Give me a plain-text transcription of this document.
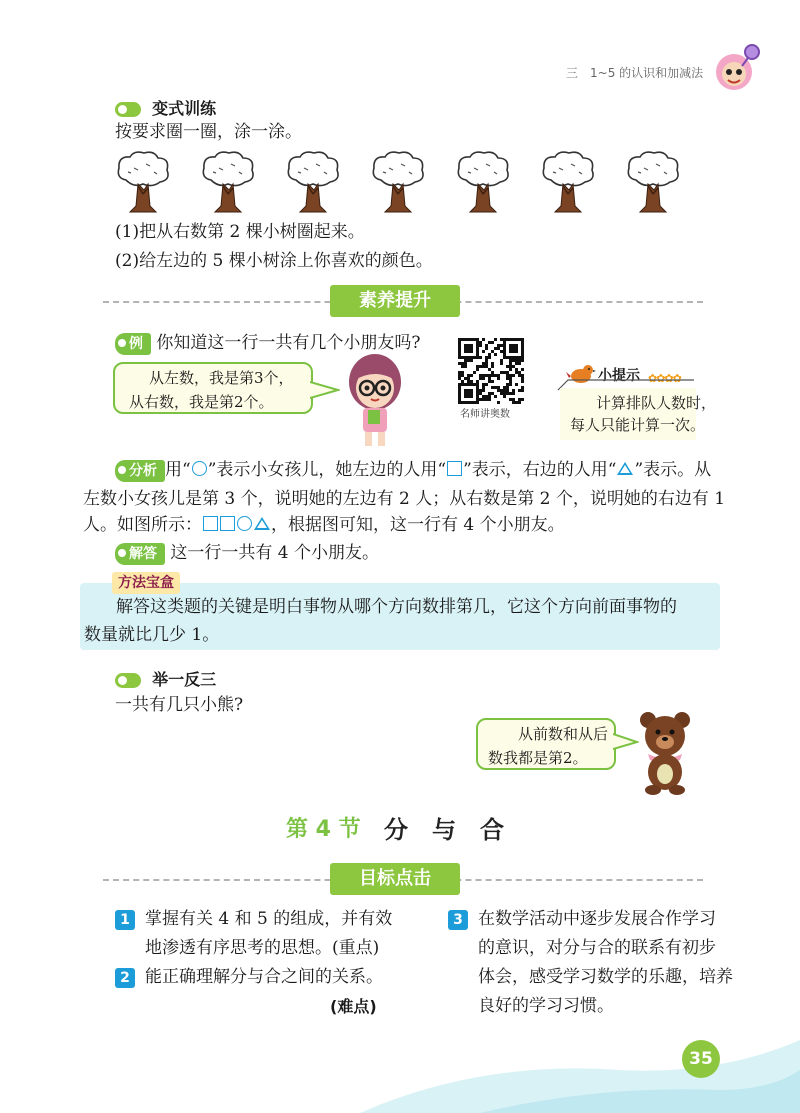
三　1~5 的认识和加减法
变式训练
按要求圈一圈，涂一涂。
(1)把从右数第 2 棵小树圈起来。
(2)给左边的 5 棵小树涂上你喜欢的颜色。
素养提升
例 你知道这一行一共有几个小朋友吗?
从左数，我是第3个，
从右数，我是第2个。
名师讲奥数
小提示 ✿✿✿✿
计算排队人数时，
每人只能计算一次。
分析 用“ ”表示小女孩儿，她左边的人用“ ”表示，右边的人用“ ”表示。从
左数小女孩儿是第 3 个，说明她的左边有 2 人；从右数是第 2 个，说明她的右边有 1
人。如图所示：	，根据图可知，这一行有 4 个小朋友。
解答 这一行一共有 4 个小朋友。
方法宝盒
解答这类题的关键是明白事物从哪个方向数排第几，它这个方向前面事物的
数量就比几少 1。
举一反三
一共有几只小熊?
从前数和从后
数我都是第2。
第 4 节 分　与　合
目标点击
1 掌握有关 4 和 5 的组成，并有效
地渗透有序思考的思想。(重点)
2 能正确理解分与合之间的关系。
(难点)
3 在数学活动中逐步发展合作学习
的意识，对分与合的联系有初步
体会，感受学习数学的乐趣，培养
良好的学习习惯。
35
